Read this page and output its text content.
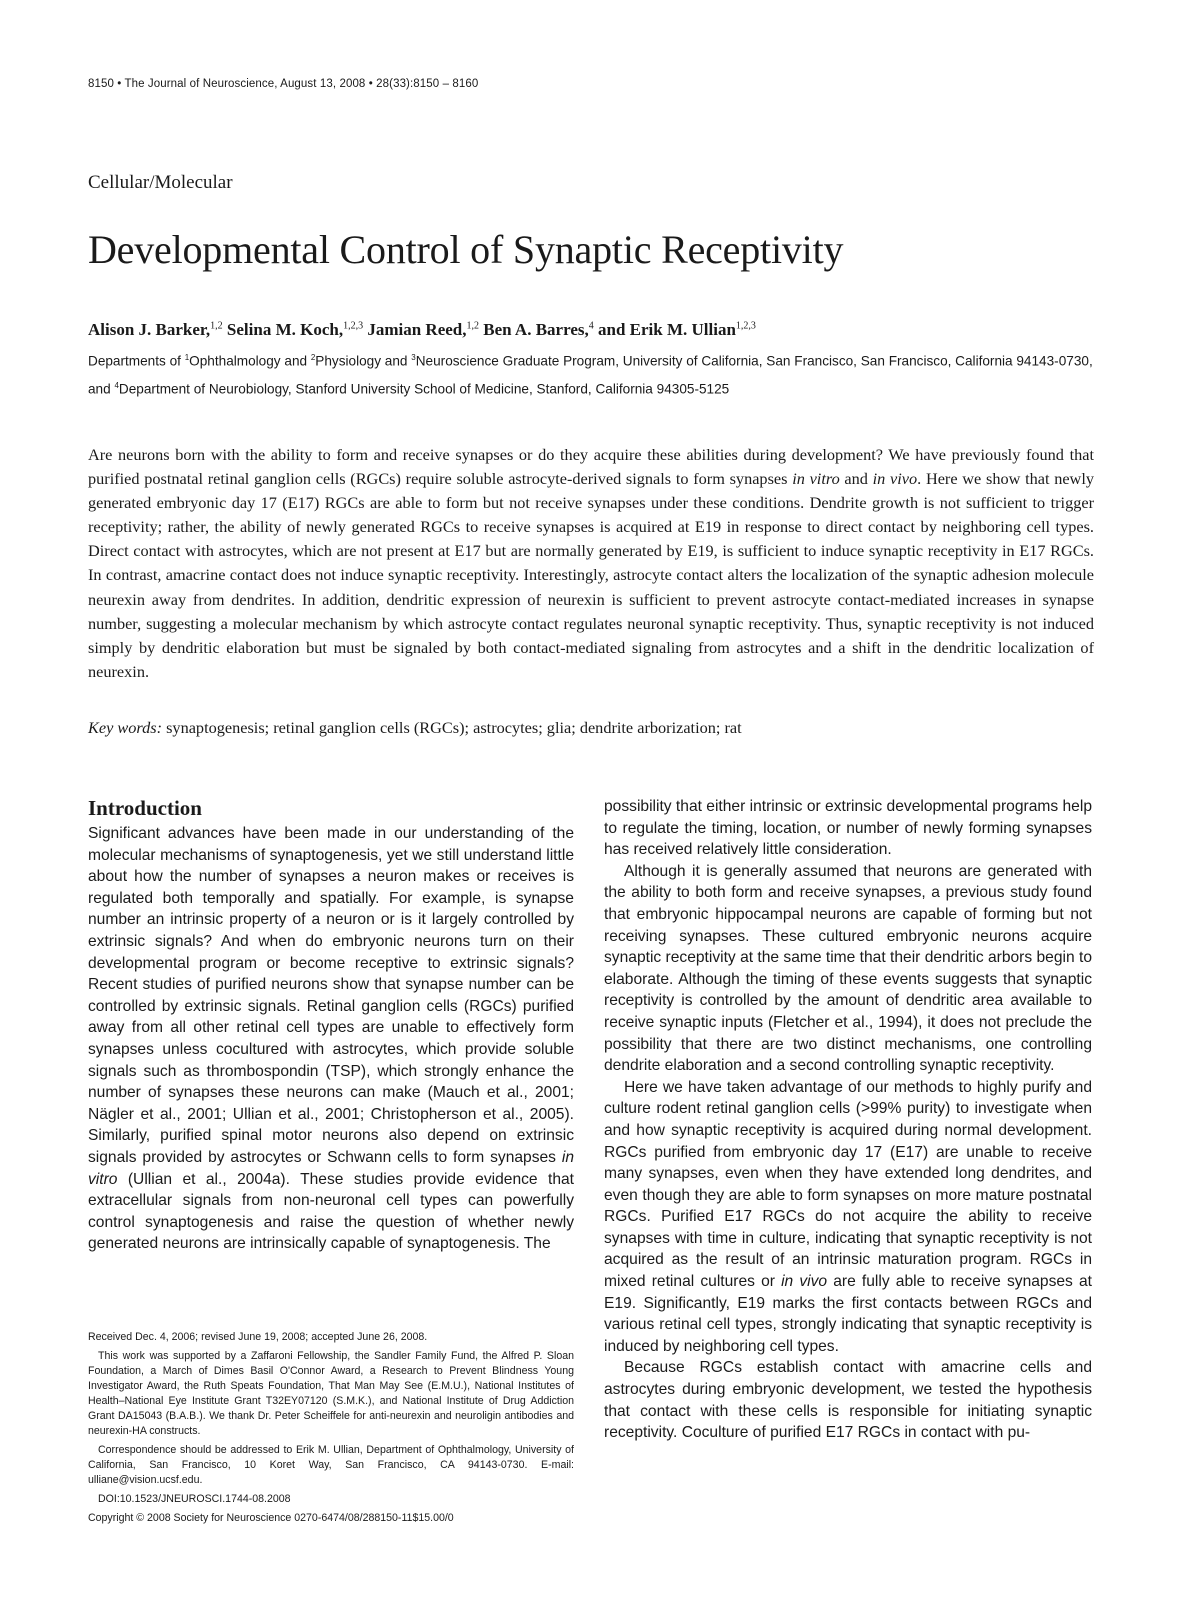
8150 • The Journal of Neuroscience, August 13, 2008 • 28(33):8150 – 8160
Cellular/Molecular
Developmental Control of Synaptic Receptivity
Alison J. Barker,$^{1,2}$ Selina M. Koch,$^{1,2,3}$ Jamian Reed,$^{1,2}$ Ben A. Barres,$^4$ and Erik M. Ullian$^{1,2,3}$
Departments of $^1$Ophthalmology and $^2$Physiology and $^3$Neuroscience Graduate Program, University of California, San Francisco, San Francisco, California 94143-0730, and $^4$Department of Neurobiology, Stanford University School of Medicine, Stanford, California 94305-5125

Are neurons born with the ability to form and receive synapses or do they acquire these abilities during development? We have previously found that purified postnatal retinal ganglion cells (RGCs) require soluble astrocyte-derived signals to form synapses in vitro and in vivo. Here we show that newly generated embryonic day 17 (E17) RGCs are able to form but not receive synapses under these conditions. Dendrite growth is not sufficient to trigger receptivity; rather, the ability of newly generated RGCs to receive synapses is acquired at E19 in response to direct contact by neighboring cell types. Direct contact with astrocytes, which are not present at E17 but are normally generated by E19, is sufficient to induce synaptic receptivity in E17 RGCs. In contrast, amacrine contact does not induce synaptic receptivity. Interestingly, astrocyte contact alters the localization of the synaptic adhesion molecule neurexin away from dendrites. In addition, dendritic expression of neurexin is sufficient to prevent astrocyte contact-mediated increases in synapse number, suggesting a molecular mechanism by which astrocyte contact regulates neuronal synaptic receptivity. Thus, synaptic receptivity is not induced simply by dendritic elaboration but must be signaled by both contact-mediated signaling from astrocytes and a shift in the dendritic localization of neurexin.

Key words: synaptogenesis; retinal ganglion cells (RGCs); astrocytes; glia; dendrite arborization; rat
Introduction

Significant advances have been made in our understanding of the molecular mechanisms of synaptogenesis, yet we still understand little about how the number of synapses a neuron makes or receives is regulated both temporally and spatially. For example, is synapse number an intrinsic property of a neuron or is it largely controlled by extrinsic signals? And when do embryonic neurons turn on their developmental program or become receptive to extrinsic signals? Recent studies of purified neurons show that synapse number can be controlled by extrinsic signals. Retinal ganglion cells (RGCs) purified away from all other retinal cell types are unable to effectively form synapses unless cocultured with astrocytes, which provide soluble signals such as thrombospondin (TSP), which strongly enhance the number of synapses these neurons can make (Mauch et al., 2001; Nägler et al., 2001; Ullian et al., 2001; Christopherson et al., 2005). Similarly, purified spinal motor neurons also depend on extrinsic signals provided by astrocytes or Schwann cells to form synapses in vitro (Ullian et al., 2004a). These studies provide evidence that extracellular signals from non-neuronal cell types can powerfully control synaptogenesis and raise the question of whether newly generated neurons are intrinsically capable of synaptogenesis. The

possibility that either intrinsic or extrinsic developmental programs help to regulate the timing, location, or number of newly forming synapses has received relatively little consideration.

Although it is generally assumed that neurons are generated with the ability to both form and receive synapses, a previous study found that embryonic hippocampal neurons are capable of forming but not receiving synapses. These cultured embryonic neurons acquire synaptic receptivity at the same time that their dendritic arbors begin to elaborate. Although the timing of these events suggests that synaptic receptivity is controlled by the amount of dendritic area available to receive synaptic inputs (Fletcher et al., 1994), it does not preclude the possibility that there are two distinct mechanisms, one controlling dendrite elaboration and a second controlling synaptic receptivity.

Here we have taken advantage of our methods to highly purify and culture rodent retinal ganglion cells (>99% purity) to investigate when and how synaptic receptivity is acquired during normal development. RGCs purified from embryonic day 17 (E17) are unable to receive many synapses, even when they have extended long dendrites, and even though they are able to form synapses on more mature postnatal RGCs. Purified E17 RGCs do not acquire the ability to receive synapses with time in culture, indicating that synaptic receptivity is not acquired as the result of an intrinsic maturation program. RGCs in mixed retinal cultures or in vivo are fully able to receive synapses at E19. Significantly, E19 marks the first contacts between RGCs and various retinal cell types, strongly indicating that synaptic receptivity is induced by neighboring cell types.

Because RGCs establish contact with amacrine cells and astrocytes during embryonic development, we tested the hypothesis that contact with these cells is responsible for initiating synaptic receptivity. Coculture of purified E17 RGCs in contact with pu-

Received Dec. 4, 2006; revised June 19, 2008; accepted June 26, 2008.

This work was supported by a Zaffaroni Fellowship, the Sandler Family Fund, the Alfred P. Sloan Foundation, a March of Dimes Basil O'Connor Award, a Research to Prevent Blindness Young Investigator Award, the Ruth Speats Foundation, That Man May See (E.M.U.), National Institutes of Health–National Eye Institute Grant T32EY07120 (S.M.K.), and National Institute of Drug Addiction Grant DA15043 (B.A.B.). We thank Dr. Peter Scheiffele for anti-neurexin and neuroligin antibodies and neurexin-HA constructs.

Correspondence should be addressed to Erik M. Ullian, Department of Ophthalmology, University of California, San Francisco, 10 Koret Way, San Francisco, CA 94143-0730. E-mail: ullianе@vision.ucsf.edu.

DOI:10.1523/JNEUROSCI.1744-08.2008

Copyright © 2008 Society for Neuroscience 0270-6474/08/288150-11$15.00/0
